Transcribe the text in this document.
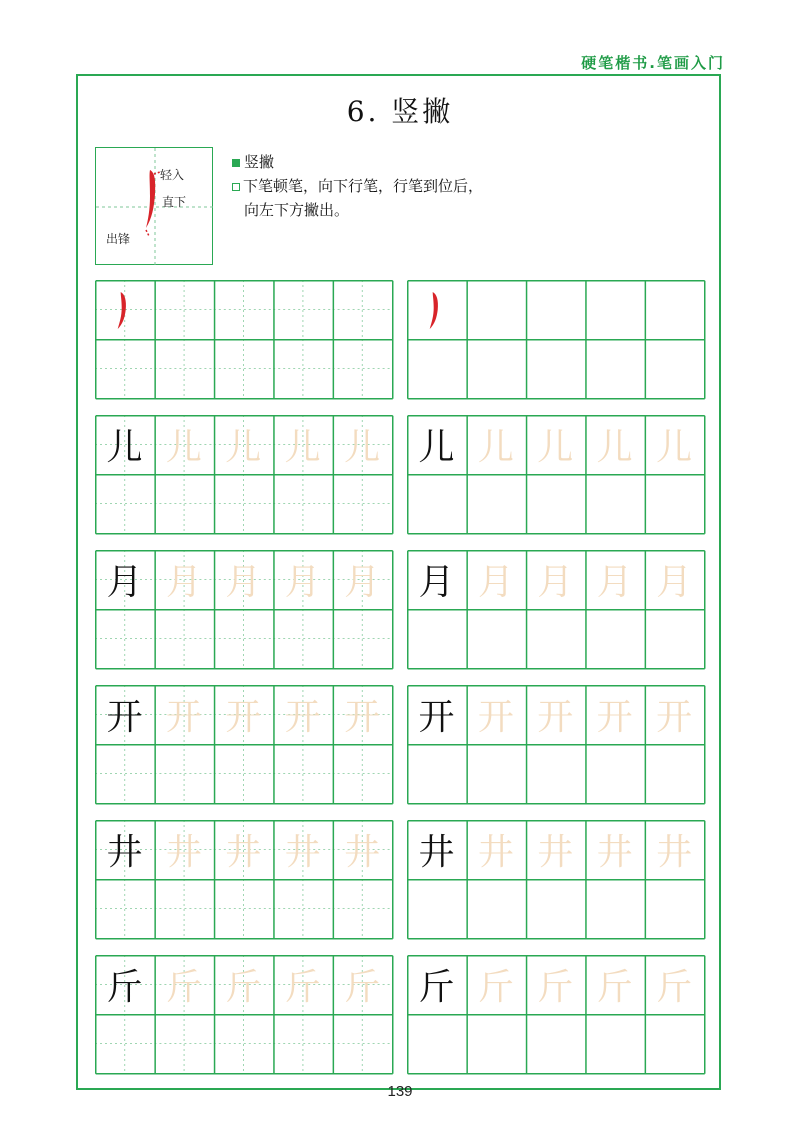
硬笔楷书.笔画入门
6. 竖撇
轻入
直下
出锋
竖撇
下笔顿笔，向下行笔，行笔到位后，
向左下方撇出。
儿 儿 儿 儿 儿	儿 儿 儿 儿 儿
月 月 月 月 月	月 月 月 月 月
开 开 开 开 开	开 开 开 开 开
井 井 井 井 井	井 井 井 井 井
斤 斤 斤 斤 斤	斤 斤 斤 斤 斤
139
